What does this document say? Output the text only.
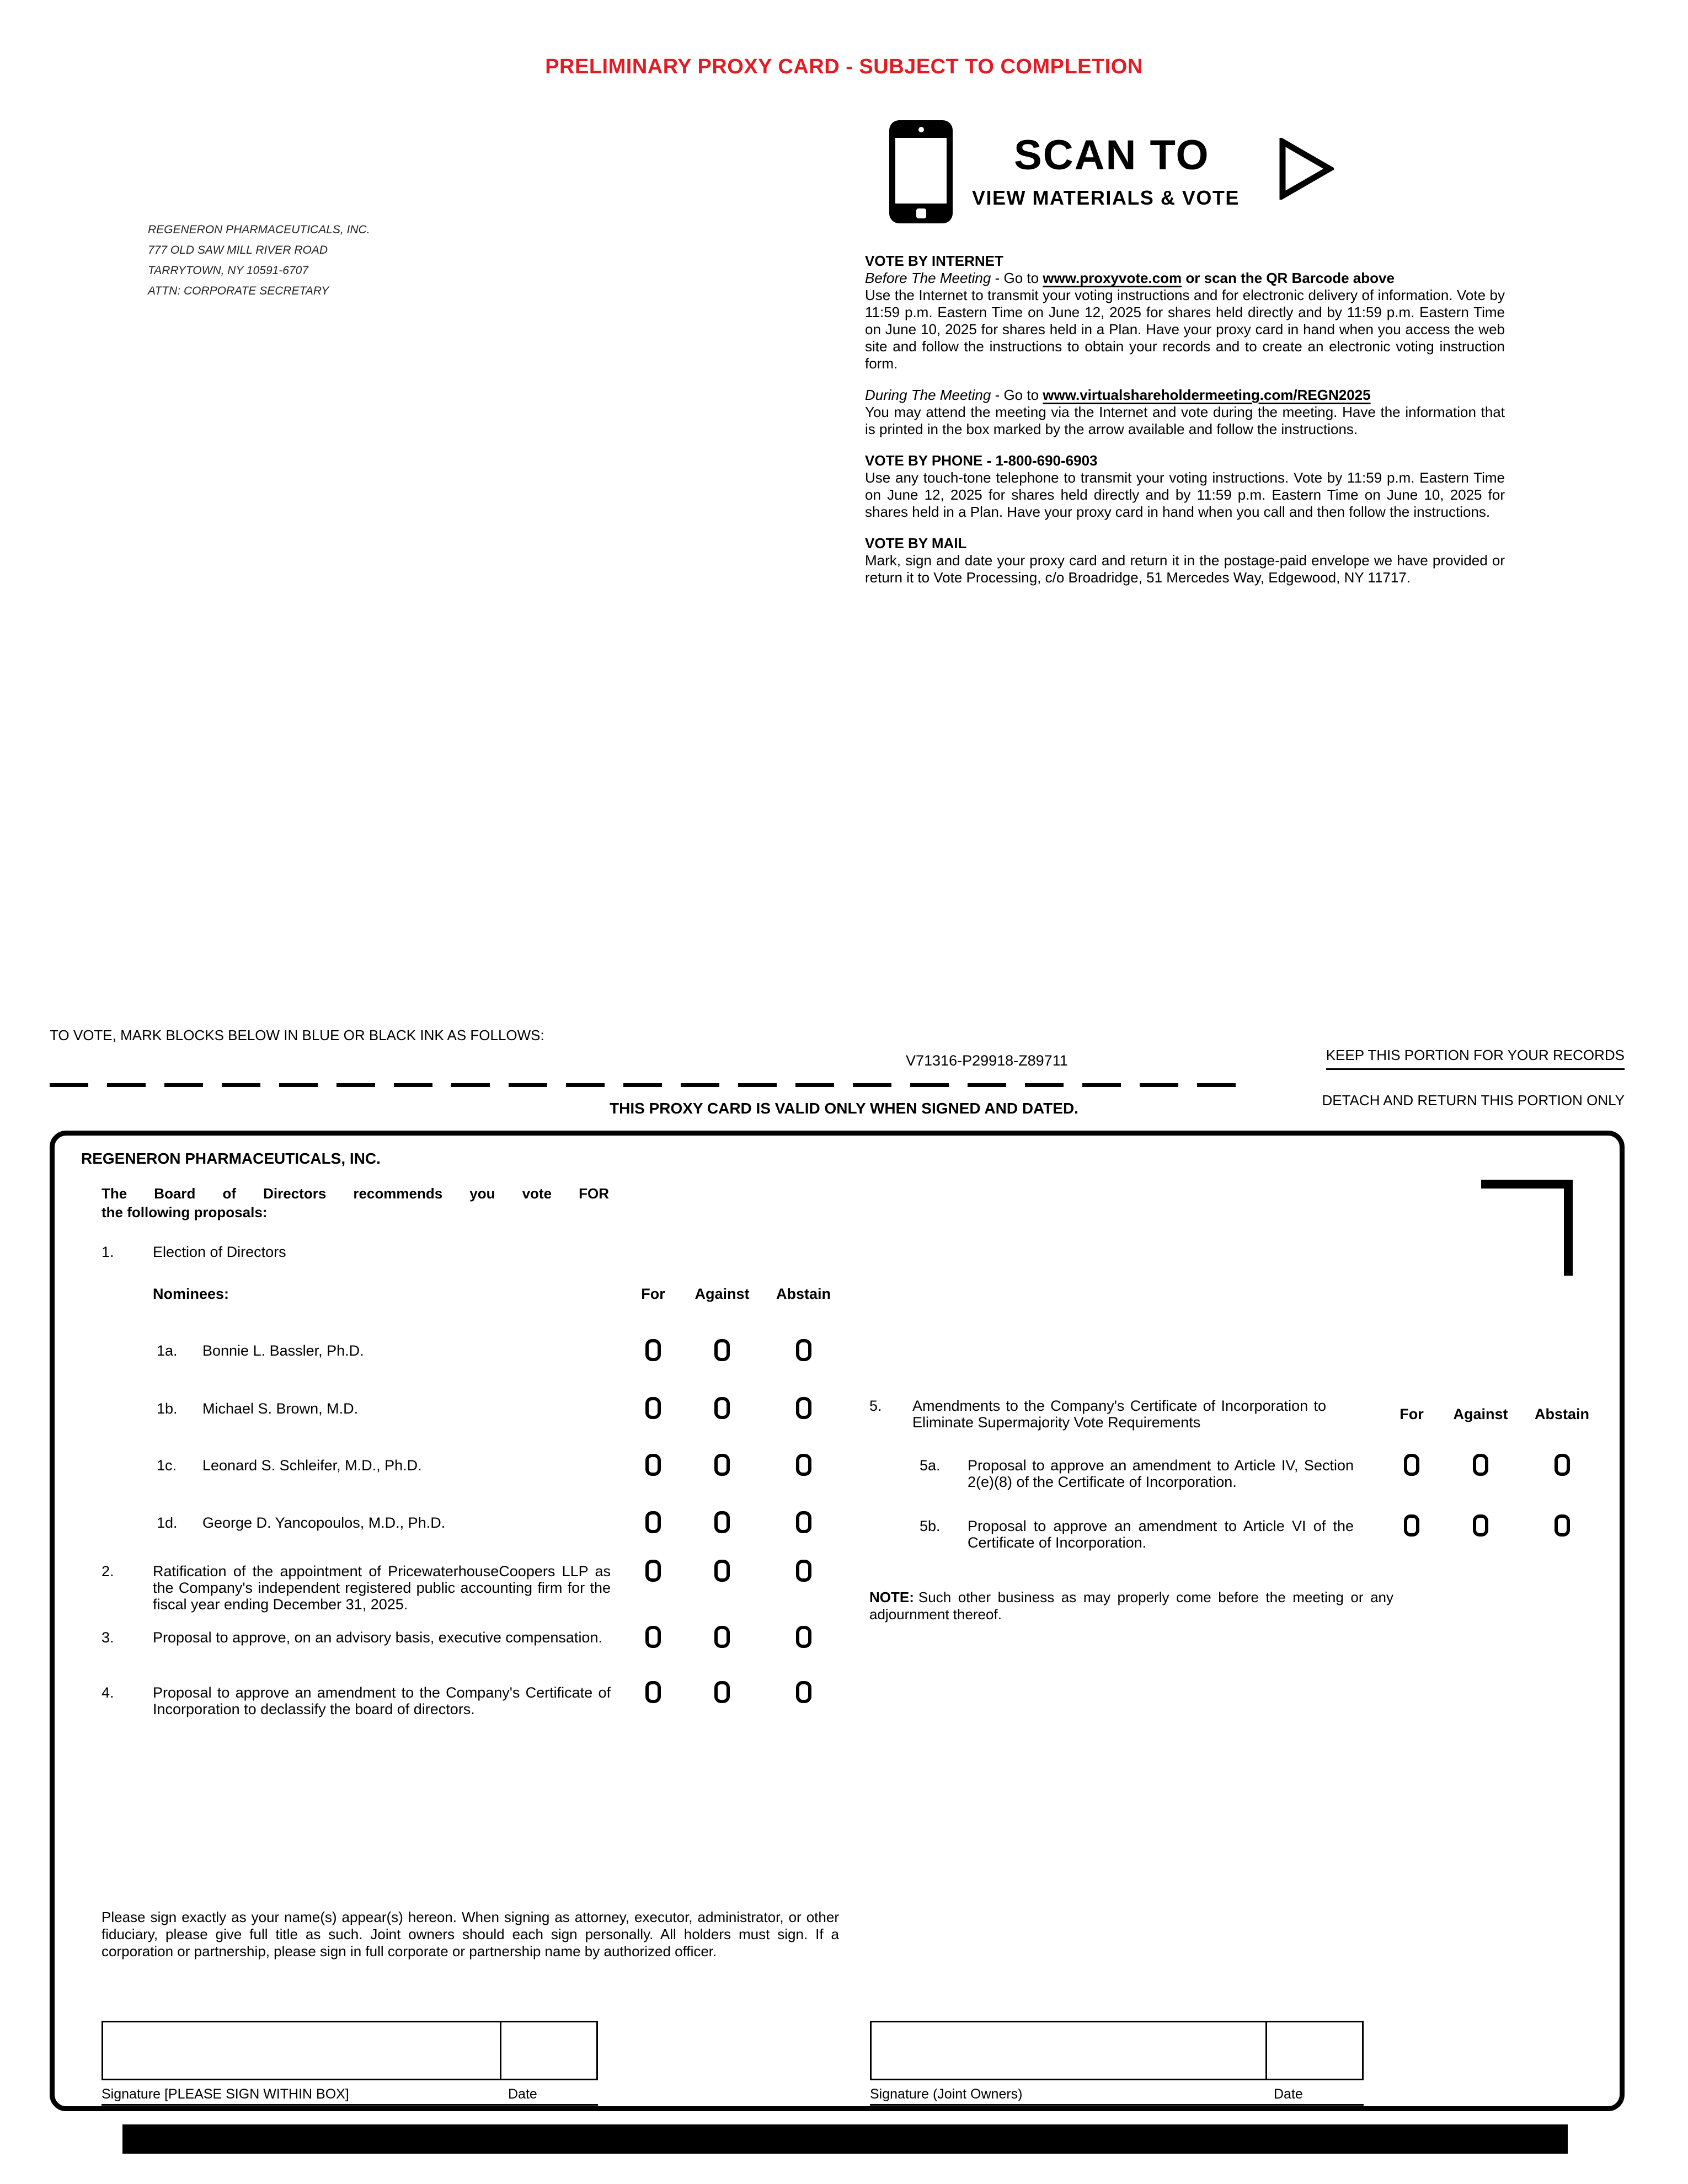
PRELIMINARY PROXY CARD - SUBJECT TO COMPLETION
SCAN TO
VIEW MATERIALS & VOTE
REGENERON PHARMACEUTICALS, INC.
777 OLD SAW MILL RIVER ROAD
TARRYTOWN, NY 10591-6707
ATTN: CORPORATE SECRETARY
VOTE BY INTERNET
Before The Meeting - Go to www.proxyvote.com or scan the QR Barcode above

Use the Internet to transmit your voting instructions and for electronic delivery of information. Vote by 11:59 p.m. Eastern Time on June 12, 2025 for shares held directly and by 11:59 p.m. Eastern Time on June 10, 2025 for shares held in a Plan. Have your proxy card in hand when you access the web site and follow the instructions to obtain your records and to create an electronic voting instruction form.

During The Meeting - Go to www.virtualshareholdermeeting.com/REGN2025

You may attend the meeting via the Internet and vote during the meeting. Have the information that is printed in the box marked by the arrow available and follow the instructions.

VOTE BY PHONE - 1-800-690-6903

Use any touch-tone telephone to transmit your voting instructions. Vote by 11:59 p.m. Eastern Time on June 12, 2025 for shares held directly and by 11:59 p.m. Eastern Time on June 10, 2025 for shares held in a Plan. Have your proxy card in hand when you call and then follow the instructions.

VOTE BY MAIL

Mark, sign and date your proxy card and return it in the postage-paid envelope we have provided or return it to Vote Processing, c/o Broadridge, 51 Mercedes Way, Edgewood, NY 11717.

TO VOTE, MARK BLOCKS BELOW IN BLUE OR BLACK INK AS FOLLOWS:
V71316-P29918-Z89711	KEEP THIS PORTION FOR YOUR RECORDS
THIS PROXY CARD IS VALID ONLY WHEN SIGNED AND DATED.	DETACH AND RETURN THIS PORTION ONLY
REGENERON PHARMACEUTICALS, INC.
The Board of Directors recommends you vote FOR
the following proposals:
1.	Election of Directors
Nominees:	For	Against	Abstain
1a. Bonnie L. Bassler, Ph.D.
1b. Michael S. Brown, M.D.
1c. Leonard S. Schleifer, M.D., Ph.D.
1d. George D. Yancopoulos, M.D., Ph.D.
2.	Ratification of the appointment of PricewaterhouseCoopers LLP as the Company's independent registered public accounting firm for the fiscal year ending December 31, 2025.
3.	Proposal to approve, on an advisory basis, executive compensation.
4.	Proposal to approve an amendment to the Company's Certificate of Incorporation to declassify the board of directors.
5. Amendments to the Company's Certificate of Incorporation to Eliminate Supermajority Vote Requirements	For	Against	Abstain
5a. Proposal to approve an amendment to Article IV, Section 2(e)(8) of the Certificate of Incorporation.
5b. Proposal to approve an amendment to Article VI of the Certificate of Incorporation.
NOTE: Such other business as may properly come before the meeting or any adjournment thereof.
Please sign exactly as your name(s) appear(s) hereon. When signing as attorney, executor, administrator, or other fiduciary, please give full title as such. Joint owners should each sign personally. All holders must sign. If a corporation or partnership, please sign in full corporate or partnership name by authorized officer.
Signature [PLEASE SIGN WITHIN BOX]	Date	Signature (Joint Owners)	Date
